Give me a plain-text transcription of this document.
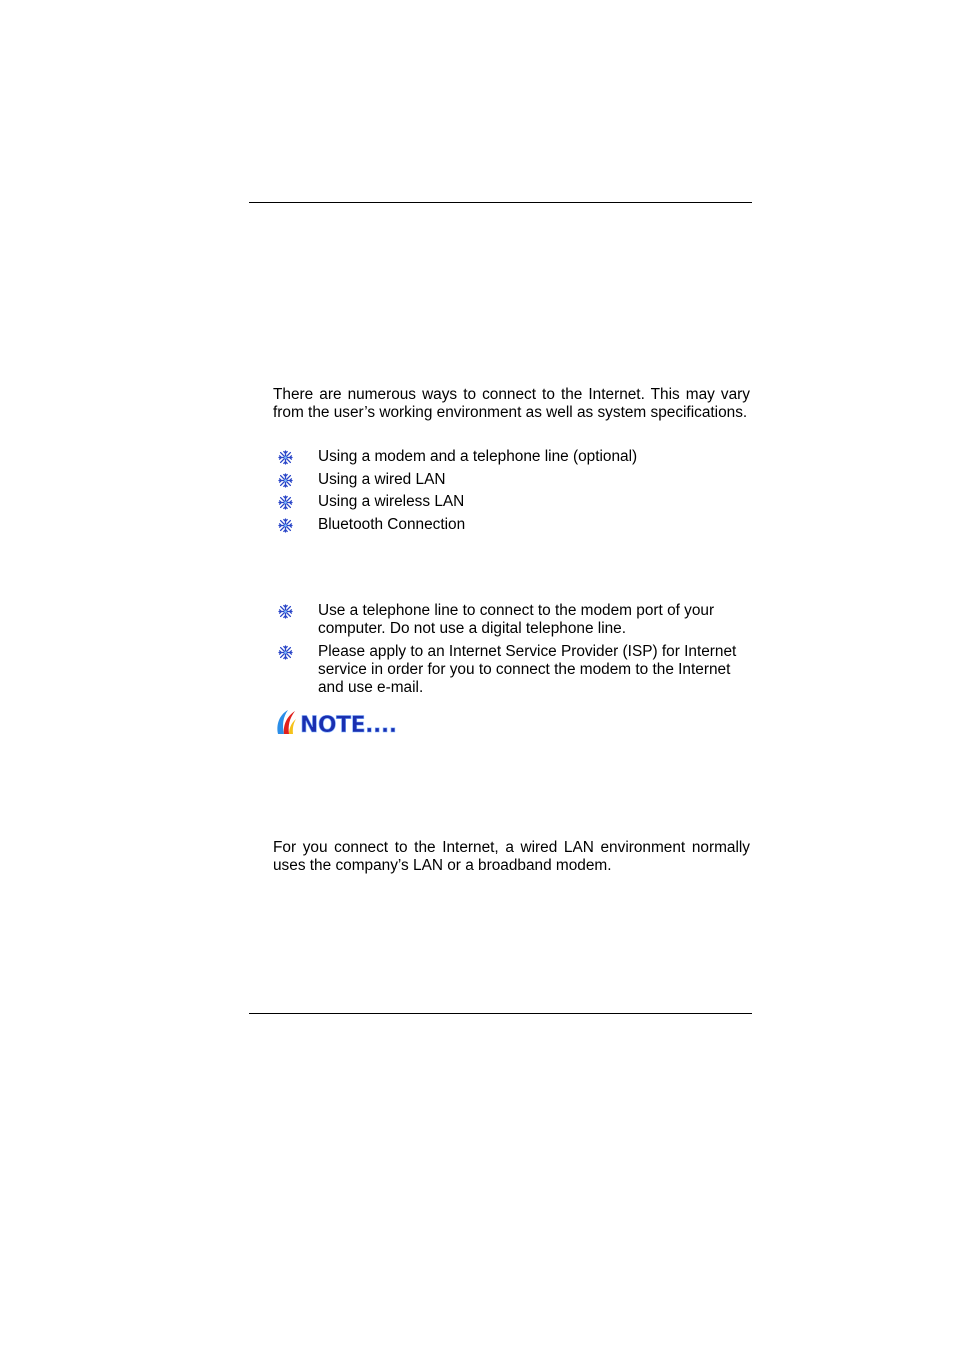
There are numerous ways to connect to the Internet. This may vary from the user’s working environment as well as system specifications.

Using a modem and a telephone line (optional)
Using a wired LAN
Using a wireless LAN
Bluetooth Connection
Use a telephone line to connect to the modem port of your computer. Do not use a digital telephone line.
Please apply to an Internet Service Provider (ISP) for Internet service in order for you to connect the modem to the Internet and use e-mail.
NOTE....

For you connect to the Internet, a wired LAN environment normally uses the company’s LAN or a broadband modem.
